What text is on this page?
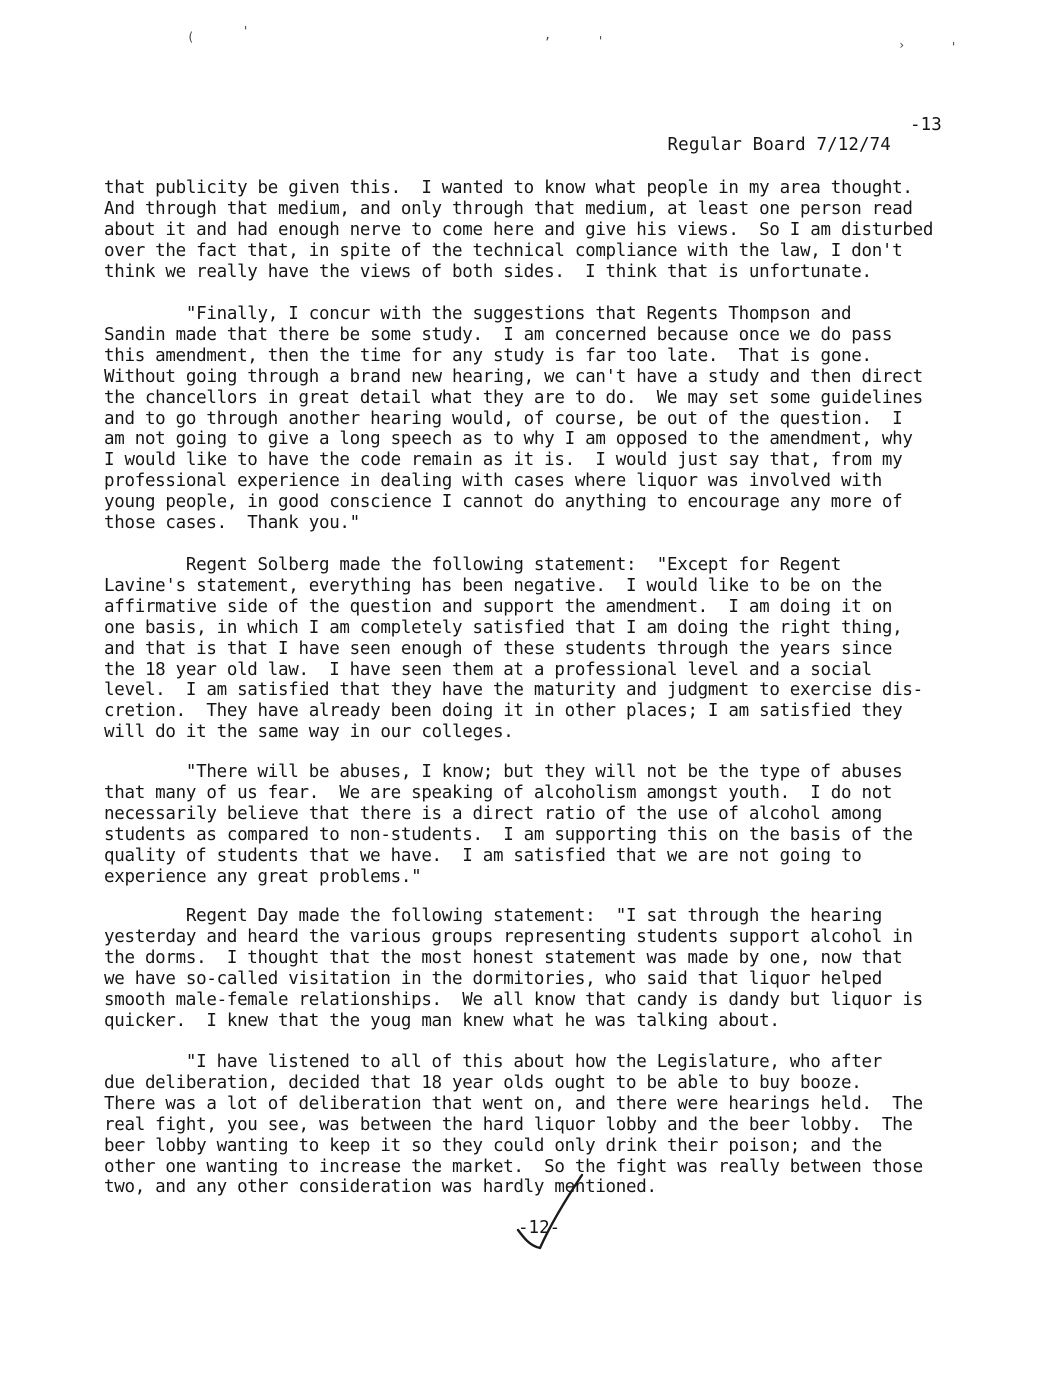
(	'	,	'	›	'

Regular Board 7/12/74

-13

that publicity be given this.  I wanted to know what people in my area thought.
And through that medium, and only through that medium, at least one person read
about it and had enough nerve to come here and give his views.  So I am disturbed
over the fact that, in spite of the technical compliance with the law, I don't
think we really have the views of both sides.  I think that is unfortunate.
"Finally, I concur with the suggestions that Regents Thompson and
Sandin made that there be some study.  I am concerned because once we do pass
this amendment, then the time for any study is far too late.  That is gone.
Without going through a brand new hearing, we can't have a study and then direct
the chancellors in great detail what they are to do.  We may set some guidelines
and to go through another hearing would, of course, be out of the question.  I
am not going to give a long speech as to why I am opposed to the amendment, why
I would like to have the code remain as it is.  I would just say that, from my
professional experience in dealing with cases where liquor was involved with
young people, in good conscience I cannot do anything to encourage any more of
those cases.  Thank you."
Regent Solberg made the following statement:  "Except for Regent
Lavine's statement, everything has been negative.  I would like to be on the
affirmative side of the question and support the amendment.  I am doing it on
one basis, in which I am completely satisfied that I am doing the right thing,
and that is that I have seen enough of these students through the years since
the 18 year old law.  I have seen them at a professional level and a social
level.  I am satisfied that they have the maturity and judgment to exercise dis-
cretion.  They have already been doing it in other places; I am satisfied they
will do it the same way in our colleges.
"There will be abuses, I know; but they will not be the type of abuses
that many of us fear.  We are speaking of alcoholism amongst youth.  I do not
necessarily believe that there is a direct ratio of the use of alcohol among
students as compared to non-students.  I am supporting this on the basis of the
quality of students that we have.  I am satisfied that we are not going to
experience any great problems."
Regent Day made the following statement:  "I sat through the hearing
yesterday and heard the various groups representing students support alcohol in
the dorms.  I thought that the most honest statement was made by one, now that
we have so-called visitation in the dormitories, who said that liquor helped
smooth male-female relationships.  We all know that candy is dandy but liquor is
quicker.  I knew that the youg man knew what he was talking about.
"I have listened to all of this about how the Legislature, who after
due deliberation, decided that 18 year olds ought to be able to buy booze.
There was a lot of deliberation that went on, and there were hearings held.  The
real fight, you see, was between the hard liquor lobby and the beer lobby.  The
beer lobby wanting to keep it so they could only drink their poison; and the
other one wanting to increase the market.  So the fight was really between those
two, and any other consideration was hardly mentioned.
-12-
